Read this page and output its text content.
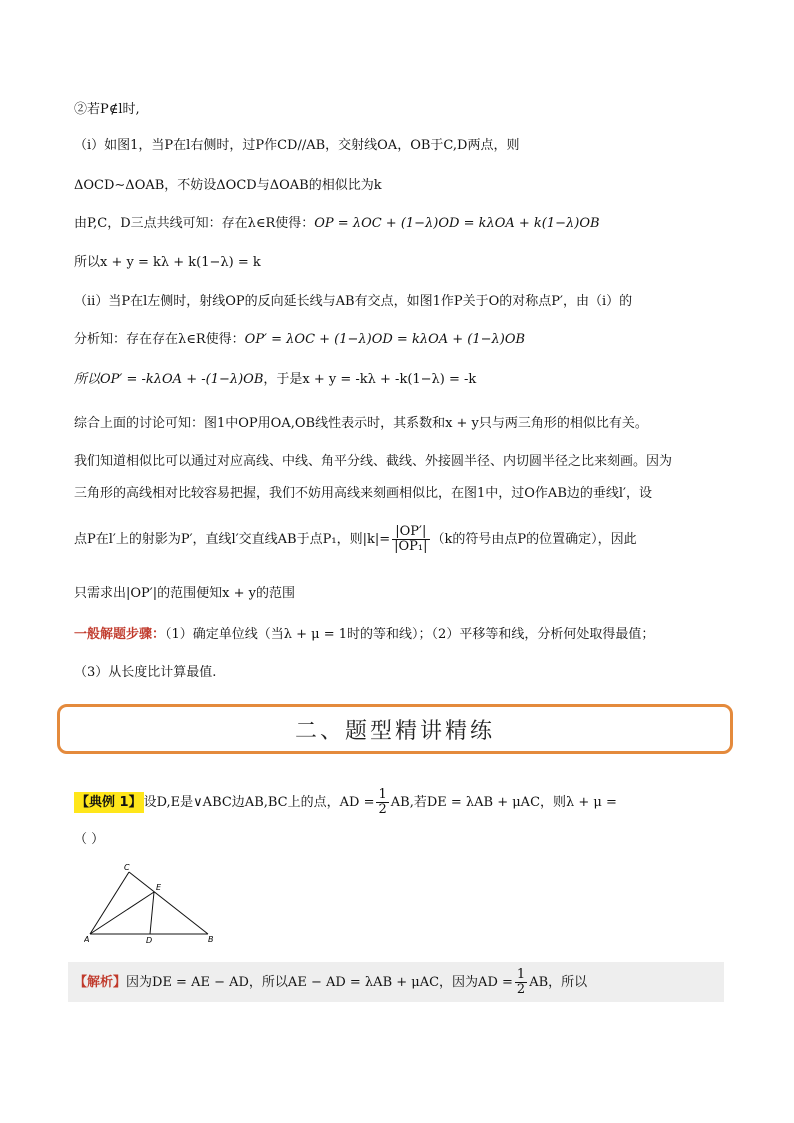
②若P∉l时,
（i）如图1，当P在l右侧时，过P作CD//AB，交射线OA，OB于C,D两点，则
ΔOCD∼ΔOAB，不妨设ΔOCD与ΔOAB的相似比为k
由P,C，D三点共线可知：存在λ∈R使得：OP = λOC + (1−λ)OD = kλOA + k(1−λ)OB
所以x + y = kλ + k(1−λ) = k
（ii）当P在l左侧时，射线OP的反向延长线与AB有交点，如图1作P关于O的对称点P′，由（i）的
分析知：存在存在λ∈R使得：OP′ = λOC + (1−λ)OD = kλOA + (1−λ)OB
所以OP′ = -kλOA + -(1−λ)OB，于是x + y = -kλ + -k(1−λ) = -k
综合上面的讨论可知：图1中OP用OA,OB线性表示时，其系数和x + y只与两三角形的相似比有关。
我们知道相似比可以通过对应高线、中线、角平分线、截线、外接圆半径、内切圆半径之比来刻画。因为
三角形的高线相对比较容易把握，我们不妨用高线来刻画相似比，在图1中，过O作AB边的垂线l′，设
点P在l′上的射影为P′，直线l′交直线AB于点P₁，则$|k|= \frac{|OP'|}{\text{|OP₁|}} (k$的符号由点P的位置确定），因此
只需求出|OP′|的范围便知x + y的范围
一般解题步骤：（1）确定单位线（当λ + μ = 1时的等和线）；（2）平移等和线，分析何处取得最值；
（3）从长度比计算最值.
二、题型精讲精练
【典例 1】 设D,E是∨ABC边AB,BC上的点，AD = $\frac{1}{2}$ AB,若DE = λAB + μAC，则λ + μ =
（ ）
C
E
A	D	B
【解析】因为DE = AE − AD，所以AE − AD = λAB + μAC，因为AD = $\frac{1}{2}$ AB，所以
